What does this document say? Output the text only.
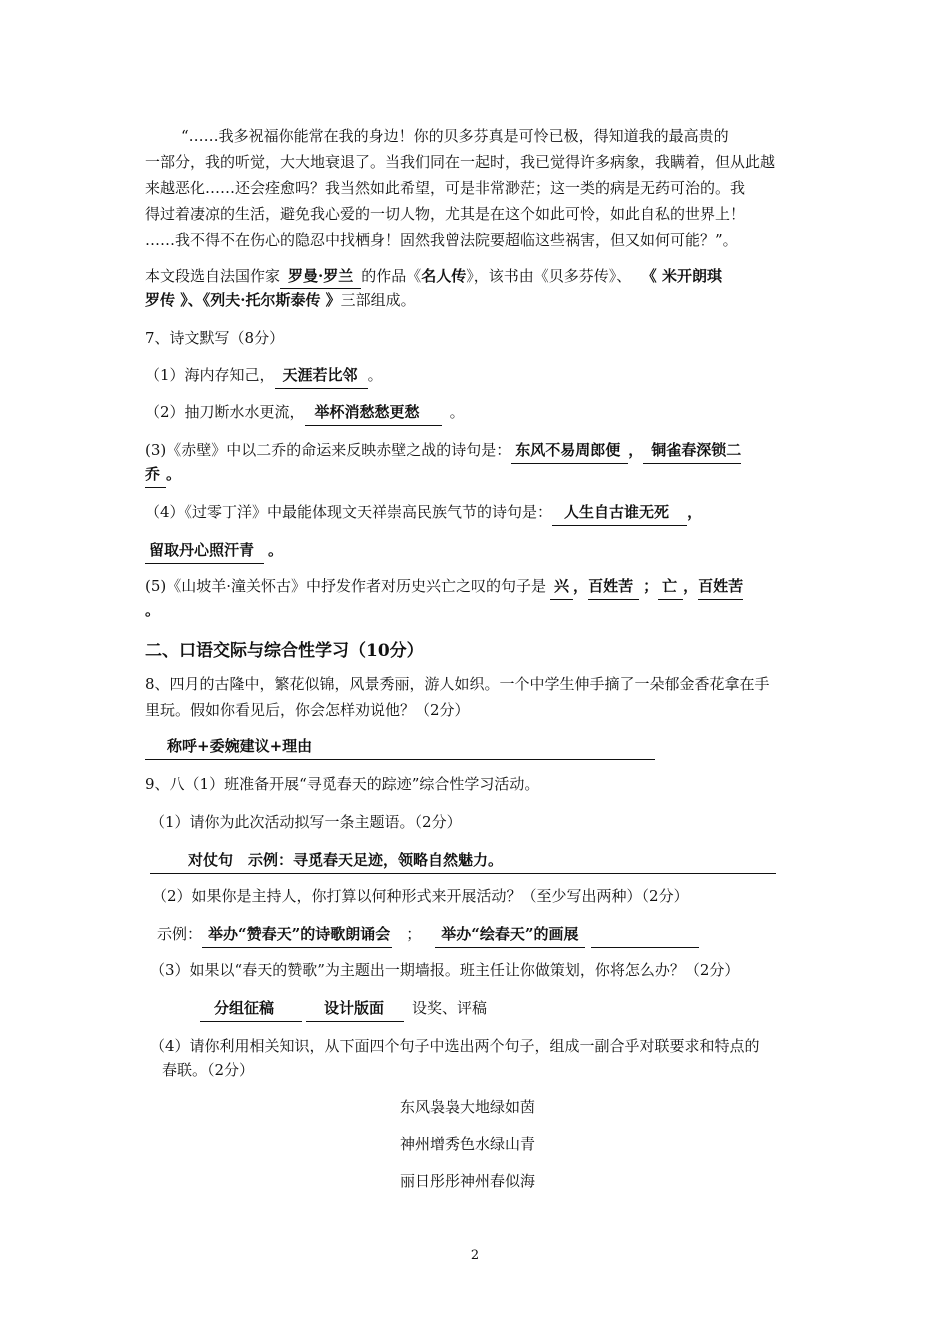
“……我多祝福你能常在我的身边！你的贝多芬真是可怜已极，得知道我的最高贵的
一部分，我的听觉，大大地衰退了。当我们同在一起时，我已觉得许多病象，我瞒着，但从此越
来越恶化……还会痊愈吗？我当然如此希望，可是非常渺茫；这一类的病是无药可治的。我
得过着凄凉的生活，避免我心爱的一切人物，尤其是在这个如此可怜，如此自私的世界上！
……我不得不在伤心的隐忍中找栖身！固然我曾法院要超临这些祸害，但又如何可能？”。
本文段选自法国作家 罗曼·罗兰 的作品《名人传》，该书由《贝多芬传》、 《 米开朗琪
罗传 》、《列夫·托尔斯泰传 》三部组成。
7、诗文默写（8分）
（1）海内存知己， 天涯若比邻 。
（2）抽刀断水水更流， 举杯消愁愁更愁 。
(3)《赤壁》中以二乔的命运来反映赤壁之战的诗句是： 东风不易周郎便 ， 铜雀春深锁二
乔 。
（4）《过零丁洋》中最能体现文天祥崇高民族气节的诗句是： 人生自古谁无死 ，
留取丹心照汗青 。
(5)《山坡羊·潼关怀古》中抒发作者对历史兴亡之叹的句子是 兴 ，百姓苦 ； 亡 ，百姓苦
。
二、口语交际与综合性学习（10分）
8、四月的古隆中，繁花似锦，风景秀丽，游人如织。一个中学生伸手摘了一朵郁金香花拿在手
里玩。假如你看见后，你会怎样劝说他？（2分）
称呼+委婉建议+理由
9、八（1）班准备开展“寻觅春天的踪迹”综合性学习活动。
（1）请你为此次活动拟写一条主题语。（2分）
对仗句　示例：寻觅春天足迹，领略自然魅力。
（2）如果你是主持人，你打算以何种形式来开展活动？（至少写出两种）（2分）
示例： 举办“赞春天”的诗歌朗诵会 ； 举办“绘春天”的画展
（3）如果以“春天的赞歌”为主题出一期墙报。班主任让你做策划，你将怎么办？（2分）
分组征稿	设计版面 设奖、评稿
（4）请你利用相关知识，从下面四个句子中选出两个句子，组成一副合乎对联要求和特点的
春联。（2分）
东风袅袅大地绿如茵
神州增秀色水绿山青
丽日彤彤神州春似海
2
